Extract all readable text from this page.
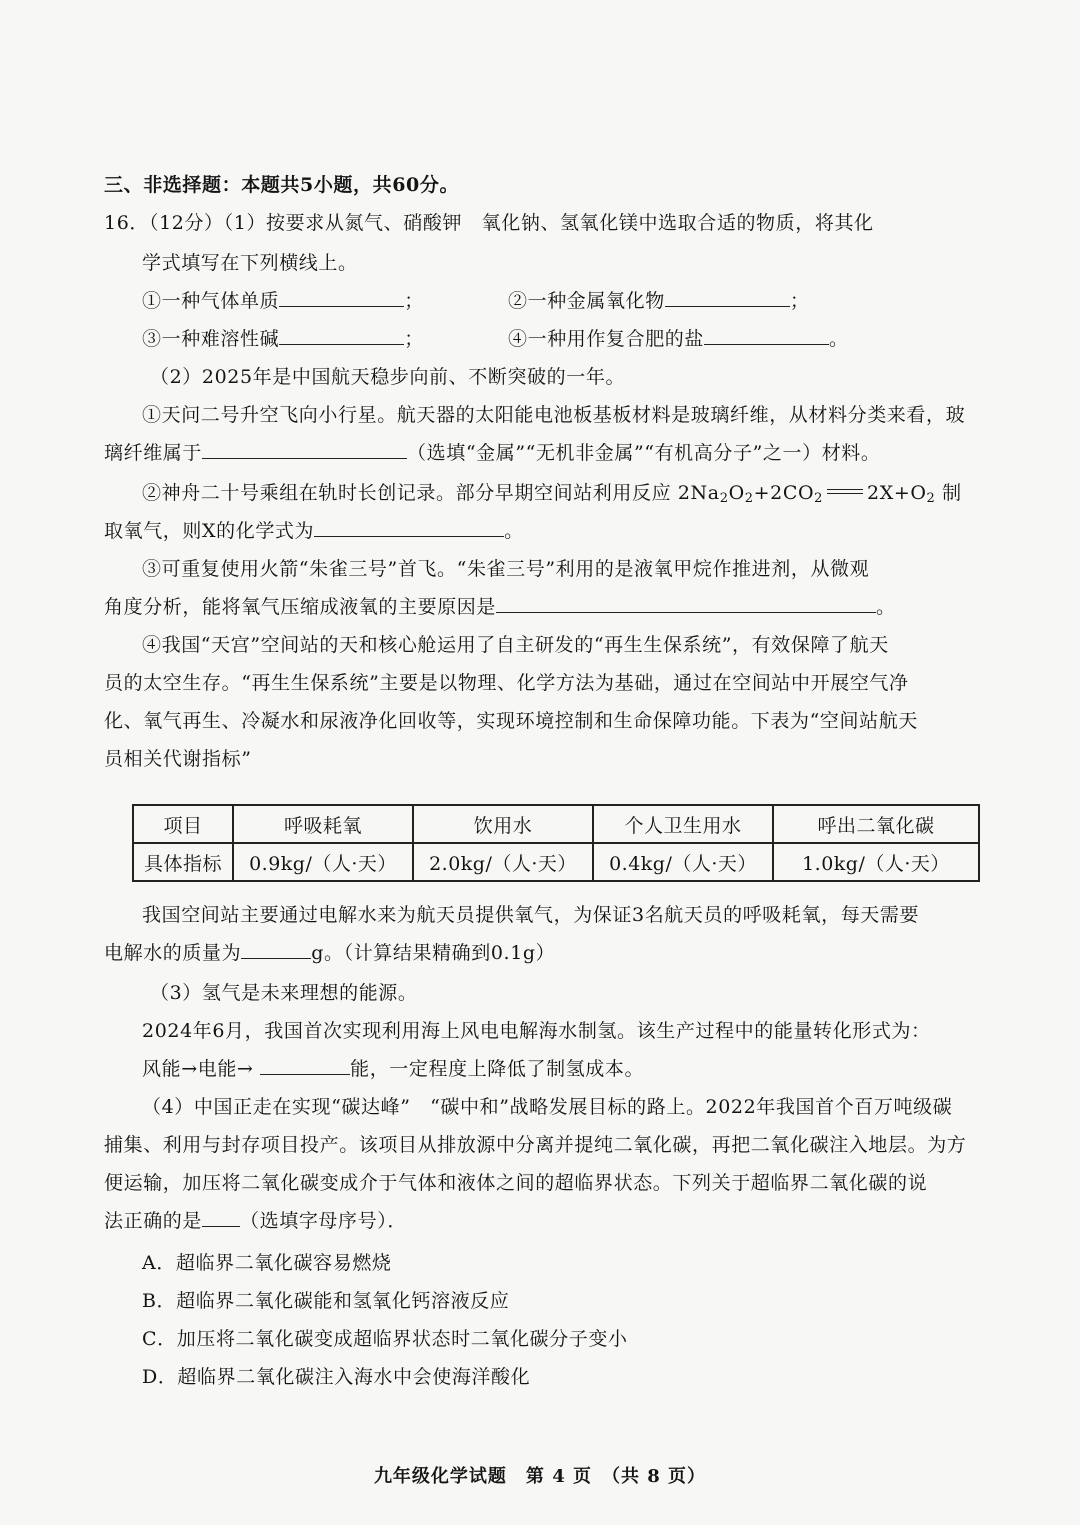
三、非选择题：本题共5小题，共60分。
16．（12分）（1）按要求从氮气、硝酸钾　氧化钠、氢氧化镁中选取合适的物质，将其化
学式填写在下列横线上。
①一种气体单质	；	②一种金属氧化物	；
③一种难溶性碱	；	④一种用作复合肥的盐	。
（2）2025年是中国航天稳步向前、不断突破的一年。
①天问二号升空飞向小行星。航天器的太阳能电池板基板材料是玻璃纤维，从材料分类来看，玻
璃纤维属于	（选填“金属”“无机非金属”“有机高分子”之一）材料。
②神舟二十号乘组在轨时长创记录。部分早期空间站利用反应 $2Na_2O_2+2CO_2$ $2X+O_2$ 制
取氧气，则X的化学式为	。
③可重复使用火箭“朱雀三号”首飞。“朱雀三号”利用的是液氧甲烷作推进剂，从微观
角度分析，能将氧气压缩成液氧的主要原因是	。
④我国“天宫”空间站的天和核心舱运用了自主研发的“再生生保系统”，有效保障了航天
员的太空生存。“再生生保系统”主要是以物理、化学方法为基础，通过在空间站中开展空气净
化、氧气再生、冷凝水和尿液净化回收等，实现环境控制和生命保障功能。下表为“空间站航天
员相关代谢指标”
项目	呼吸耗氧	饮用水	个人卫生用水	呼出二氧化碳
具体指标	0.9kg/（人·天）	2.0kg/（人·天）	0.4kg/（人·天）	1.0kg/（人·天）
我国空间站主要通过电解水来为航天员提供氧气，为保证3名航天员的呼吸耗氧，每天需要
电解水的质量为	g。（计算结果精确到0.1g）
（3）氢气是未来理想的能源。
2024年6月，我国首次实现利用海上风电电解海水制氢。该生产过程中的能量转化形式为：
风能→电能→	能，一定程度上降低了制氢成本。
（4）中国正走在实现“碳达峰”　“碳中和”战略发展目标的路上。2022年我国首个百万吨级碳
捕集、利用与封存项目投产。该项目从排放源中分离并提纯二氧化碳，再把二氧化碳注入地层。为方
便运输，加压将二氧化碳变成介于气体和液体之间的超临界状态。下列关于超临界二氧化碳的说
法正确的是 （选填字母序号）．
A．超临界二氧化碳容易燃烧
B．超临界二氧化碳能和氢氧化钙溶液反应
C．加压将二氧化碳变成超临界状态时二氧化碳分子变小
D．超临界二氧化碳注入海水中会使海洋酸化
九年级化学试题　第 4 页　（共 8 页）
